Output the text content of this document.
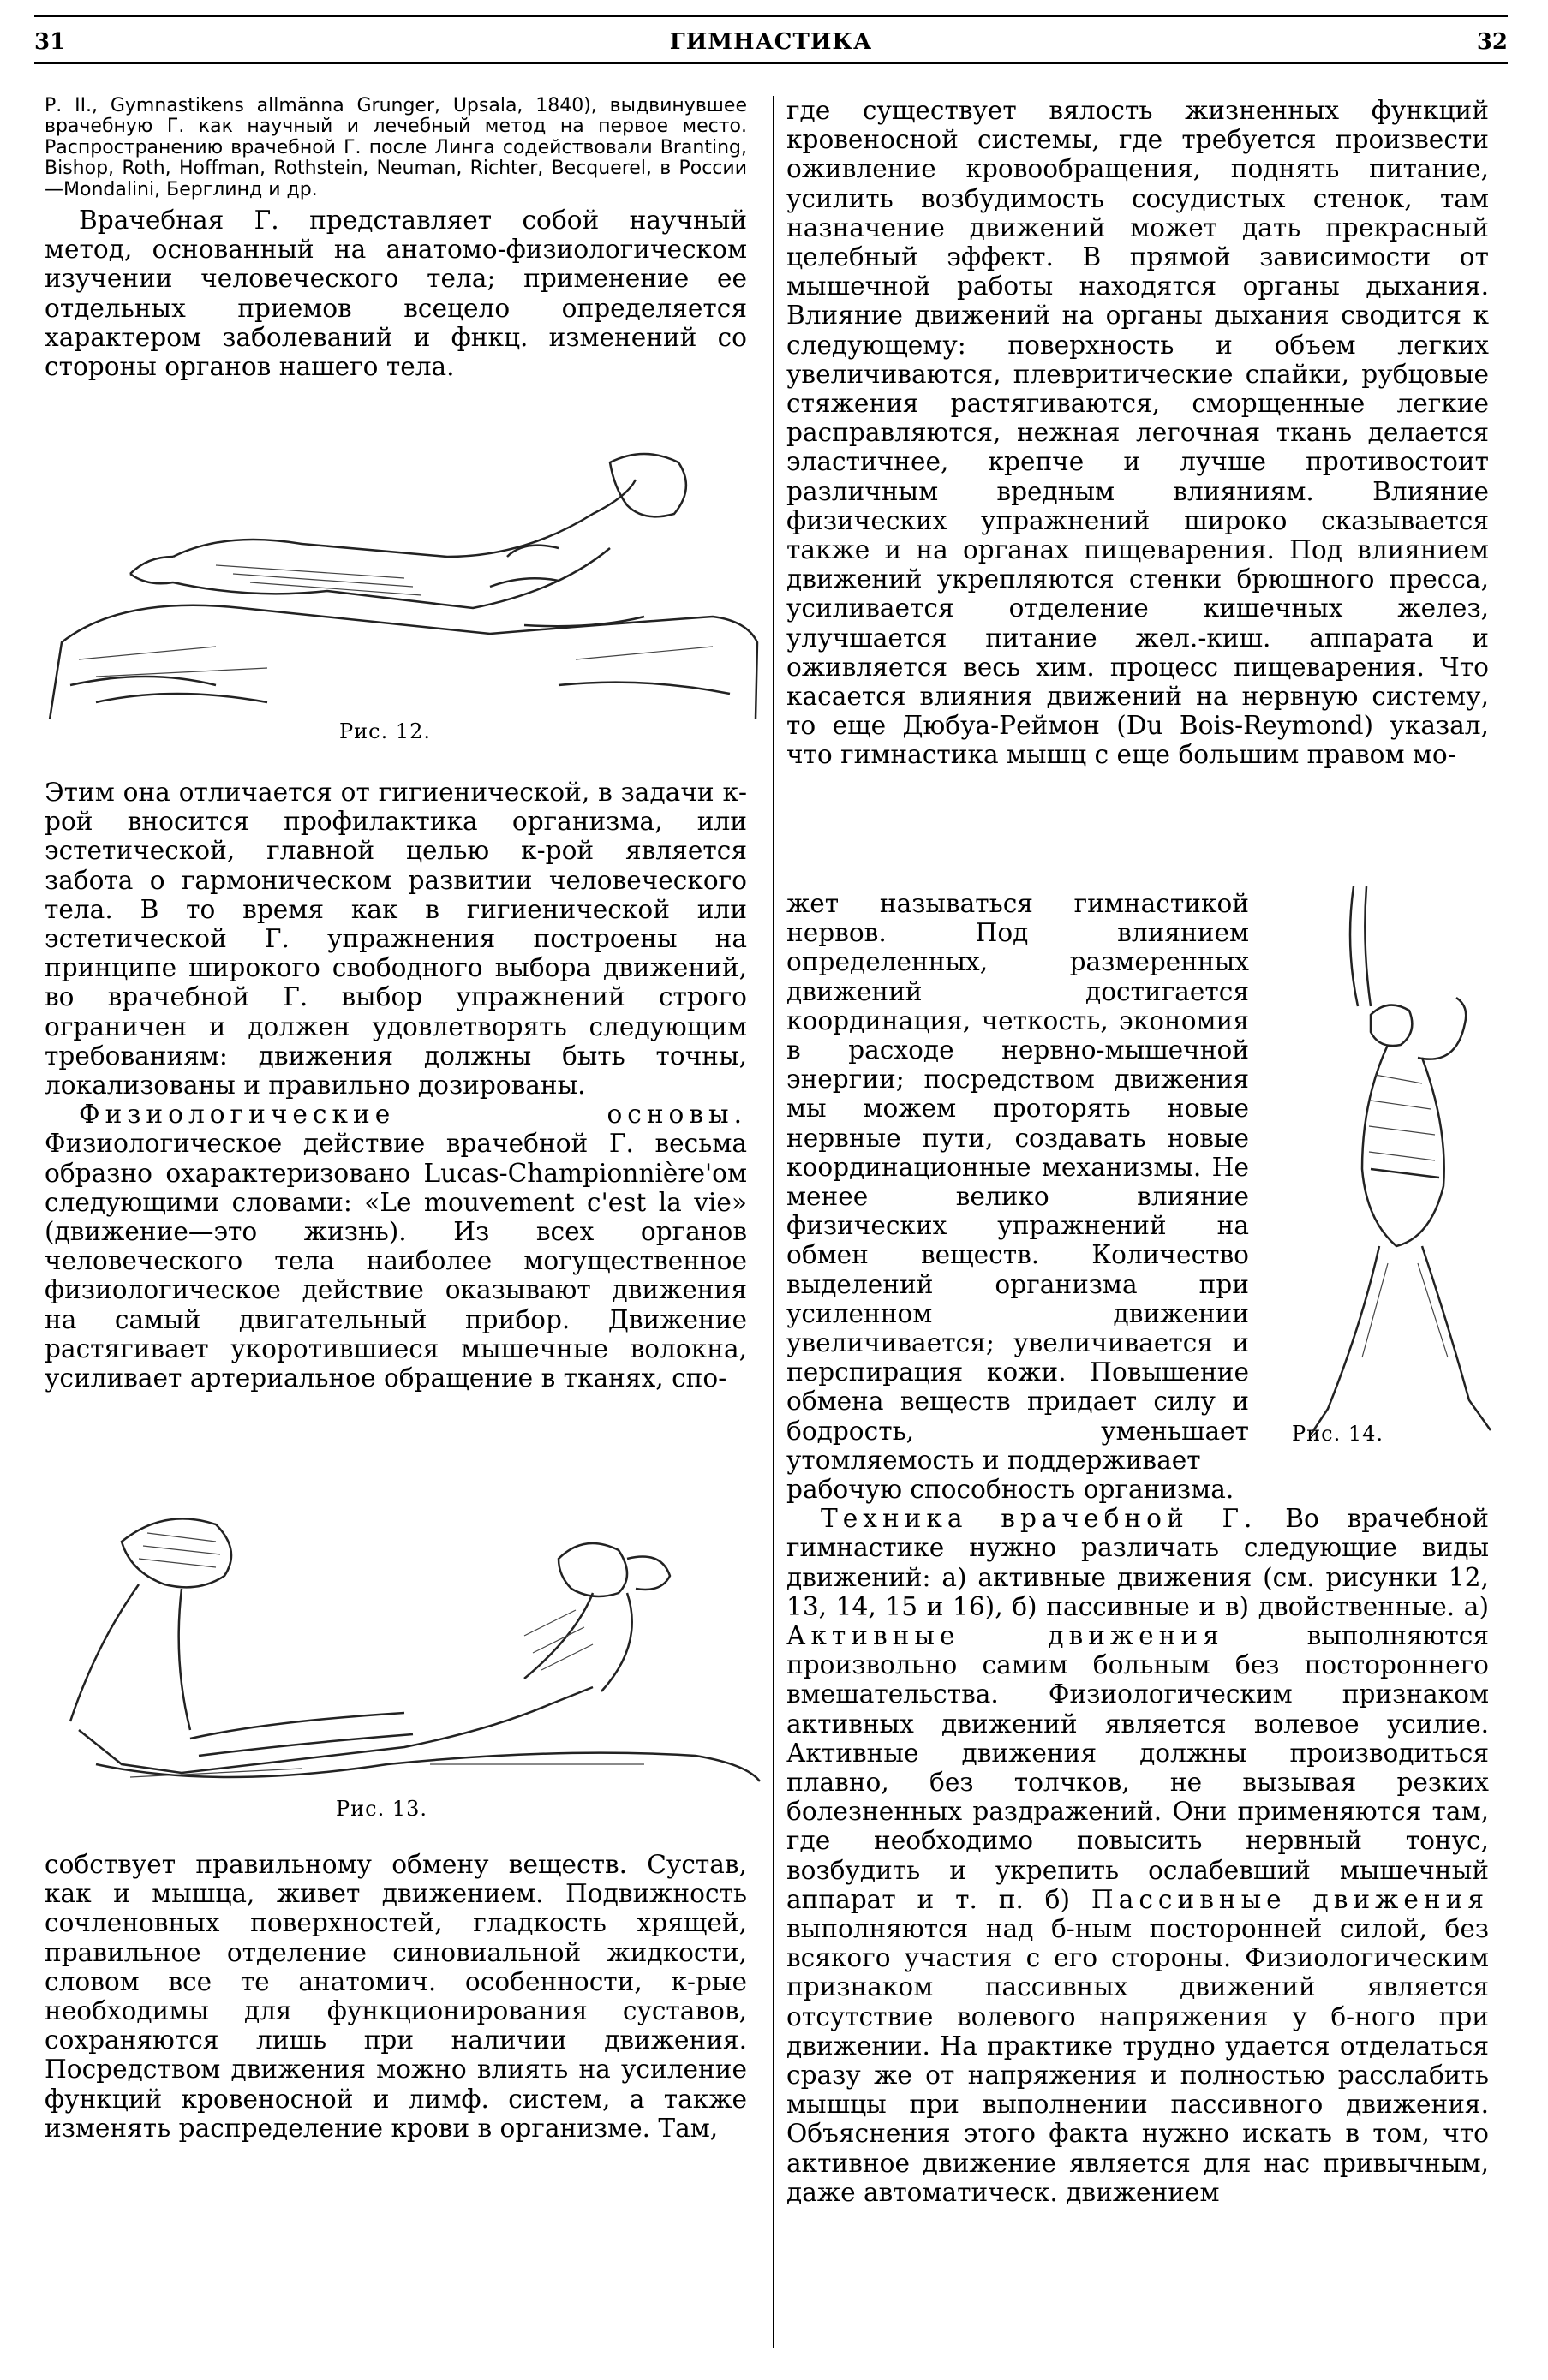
31	ГИМНАСТИКА	32

Р. II., Gymnastikens allmänna Grunger, Upsala, 1840), выдвинувшее врачебную Г. как научный и лечебный метод на первое место. Распространению врачебной Г. после Линга содействовали Branting, Bishop, Roth, Hoffman, Rothstein, Neuman, Richter, Becquerel, в России—Mondalini, Берглинд и др.

Врачебная Г. представляет собой научный метод, основанный на анатомо-физиологическом изучении человеческого тела; применение ее отдельных приемов всецело определяется характером заболеваний и фнкц. изменений со стороны органов нашего тела.

Рис. 12.

Этим она отличается от гигиенической, в задачи к-рой вносится профилактика организма, или эстетической, главной целью к-рой является забота о гармоническом развитии человеческого тела. В то время как в гигиенической или эстетической Г. упражнения построены на принципе широкого свободного выбора движений, во врачебной Г. выбор упражнений строго ограничен и должен удовлетворять следующим требованиям: движения должны быть точны, локализованы и правильно дозированы.

Физиологические основы. Физиологическое действие врачебной Г. весьма образно охарактеризовано Lucas-Championnière'ом следующими словами: «Le mouvement c'est la vie» (движение—это жизнь). Из всех органов человеческого тела наиболее могущественное физиологическое действие оказывают движения на самый двигательный прибор. Движение растягивает укоротившиеся мышечные волокна, усиливает артериальное обращение в тканях, спо-

Рис. 13.

собствует правильному обмену веществ. Сустав, как и мышца, живет движением. Подвижность сочленовных поверхностей, гладкость хрящей, правильное отделение синовиальной жидкости, словом все те анатомич. особенности, к-рые необходимы для функционирования суставов, сохраняются лишь при наличии движения. Посредством движения можно влиять на усиление функций кровеносной и лимф. систем, а также изменять распределение крови в организме. Там,

где существует вялость жизненных функций кровеносной системы, где требуется произвести оживление кровообращения, поднять питание, усилить возбудимость сосудистых стенок, там назначение движений может дать прекрасный целебный эффект. В прямой зависимости от мышечной работы находятся органы дыхания. Влияние движений на органы дыхания сводится к следующему: поверхность и объем легких увеличиваются, плевритические спайки, рубцовые стяжения растягиваются, сморщенные легкие расправляются, нежная легочная ткань делается эластичнее, крепче и лучше противостоит различным вредным влияниям. Влияние физических упражнений широко сказывается также и на органах пищеварения. Под влиянием движений укрепляются стенки брюшного пресса, усиливается отделение кишечных желез, улучшается питание жел.-киш. аппарата и оживляется весь хим. процесс пищеварения. Что касается влияния движений на нервную систему, то еще Дюбуа-Реймон (Du Bois-Reymond) указал, что гимнастика мышц с еще большим правом мо-

жет называться гимнастикой нервов. Под влиянием определенных, размеренных движений достигается координация, четкость, экономия в расходе нервно-мышечной энергии; посредством движения мы можем проторять новые нервные пути, создавать новые координационные механизмы. Не менее велико влияние физических упражнений на обмен веществ. Количество выделений организма при усиленном движении увеличивается; увеличивается и перспирация кожи. Повышение обмена веществ придает силу и бодрость, уменьшает утомляемость и поддерживает

Рис. 14.

рабочую способность организма.

Техника врачебной Г. Во врачебной гимнастике нужно различать следующие виды движений: а) активные движения (см. рисунки 12, 13, 14, 15 и 16), б) пассивные и в) двойственные. а) Активные движения	выполняются произвольно самим больным без постороннего вмешательства. Физиологическим признаком активных движений является волевое усилие. Активные движения должны производиться плавно, без толчков, не вызывая резких болезненных раздражений. Они применяются там, где необходимо повысить нервный тонус, возбудить и укрепить ослабевший мышечный аппарат и т. п. б) Пассивные движения выполняются над б-ным посторонней силой, без всякого участия с его стороны. Физиологическим признаком пассивных движений является отсутствие волевого напряжения у б-ного при движении. На практике трудно удается отделаться сразу же от напряжения и полностью расслабить мышцы при выполнении пассивного движения. Объяснения этого факта нужно искать в том, что активное движение является для нас привычным, даже автоматическ. движением
